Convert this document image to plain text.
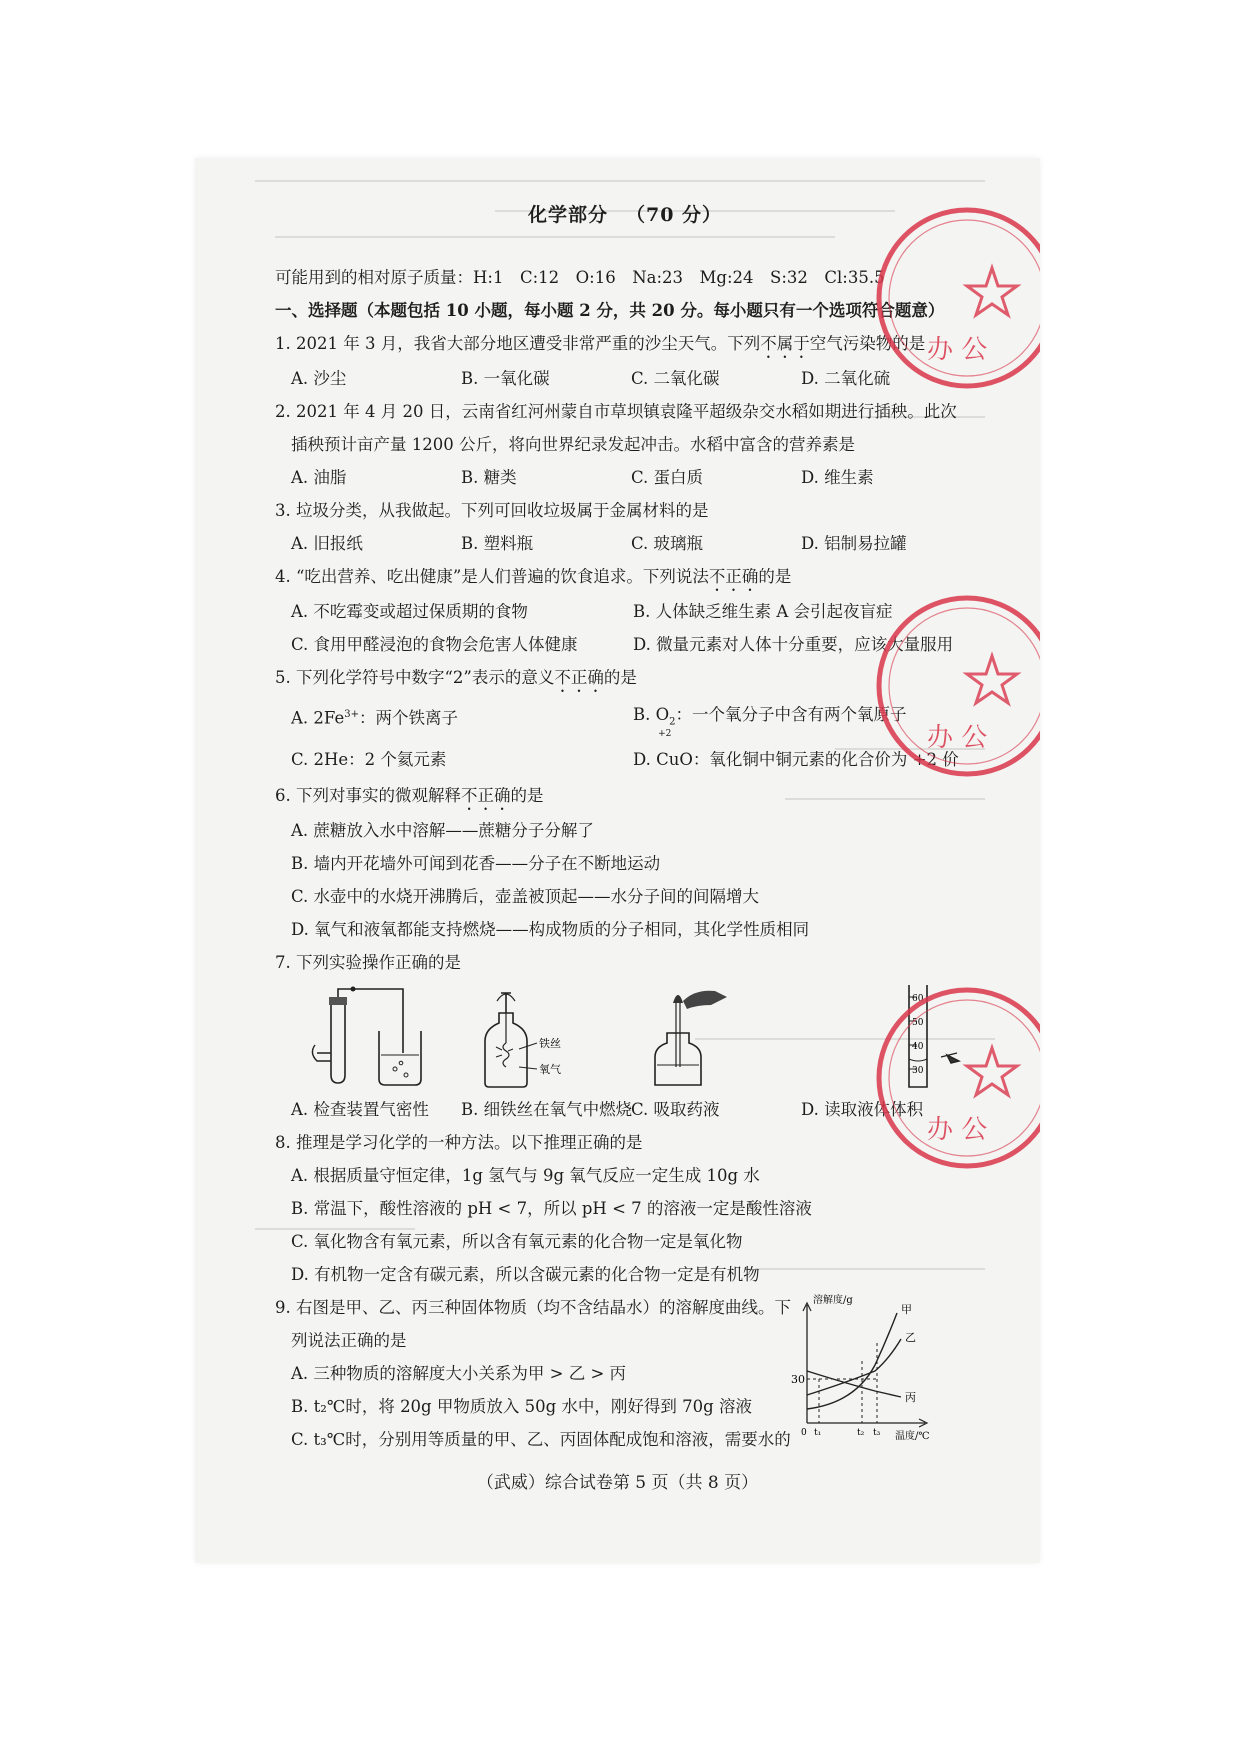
化学部分 （70 分）
可能用到的相对原子质量：H:1　C:12　O:16　Na:23　Mg:24　S:32　Cl:35.5
一、选择题（本题包括 10 小题，每小题 2 分，共 20 分。每小题只有一个选项符合题意）
1. 2021 年 3 月，我省大部分地区遭受非常严重的沙尘天气。下列不属于空气污染物的是
A. 沙尘	B. 一氧化碳	C. 二氧化碳	D. 二氧化硫
2. 2021 年 4 月 20 日，云南省红河州蒙自市草坝镇袁隆平超级杂交水稻如期进行插秧。此次
插秧预计亩产量 1200 公斤，将向世界纪录发起冲击。水稻中富含的营养素是
A. 油脂	B. 糖类	C. 蛋白质	D. 维生素
3. 垃圾分类，从我做起。下列可回收垃圾属于金属材料的是
A. 旧报纸	B. 塑料瓶	C. 玻璃瓶	D. 铝制易拉罐
4. “吃出营养、吃出健康”是人们普遍的饮食追求。下列说法不正确的是
A. 不吃霉变或超过保质期的食物	B. 人体缺乏维生素 A 会引起夜盲症
C. 食用甲醛浸泡的食物会危害人体健康	D. 微量元素对人体十分重要，应该大量服用
5. 下列化学符号中数字“2”表示的意义不正确的是
A. $2Fe^{3+}$：两个铁离子	B. $O_2$：一个氧分子中含有两个氧原子
C. 2He：2 个氦元素	D.
+2
CuO：氧化铜中铜元素的化合价为 +2 价
6. 下列对事实的微观解释不正确的是
A. 蔗糖放入水中溶解——蔗糖分子分解了
B. 墙内开花墙外可闻到花香——分子在不断地运动
C. 水壶中的水烧开沸腾后，壶盖被顶起——水分子间的间隔增大
D. 氧气和液氧都能支持燃烧——构成物质的分子相同，其化学性质相同
7. 下列实验操作正确的是
铁丝
氧气
60
50
40
30
A. 检查装置气密性	B. 细铁丝在氧气中燃烧
C. 吸取药液	D. 读取液体体积
8. 推理是学习化学的一种方法。以下推理正确的是
A. 根据质量守恒定律，1g 氢气与 9g 氧气反应一定生成 10g 水
B. 常温下，酸性溶液的 pH < 7，所以 pH < 7 的溶液一定是酸性溶液
C. 氧化物含有氧元素，所以含有氧元素的化合物一定是氧化物
D. 有机物一定含有碳元素，所以含碳元素的化合物一定是有机物
9. 右图是甲、乙、丙三种固体物质（均不含结晶水）的溶解度曲线。下
列说法正确的是
A. 三种物质的溶解度大小关系为甲 > 乙 > 丙
B. t₂℃时，将 20g 甲物质放入 50g 水中，刚好得到 70g 溶液
C. t₃℃时，分别用等质量的甲、乙、丙固体配成饱和溶液，需要水的
溶解度/g
温度/℃
30
0 t₁	t₂ t₃
甲
乙
丙
（武威）综合试卷第 5 页（共 8 页）
办 公
办 公
办 公
